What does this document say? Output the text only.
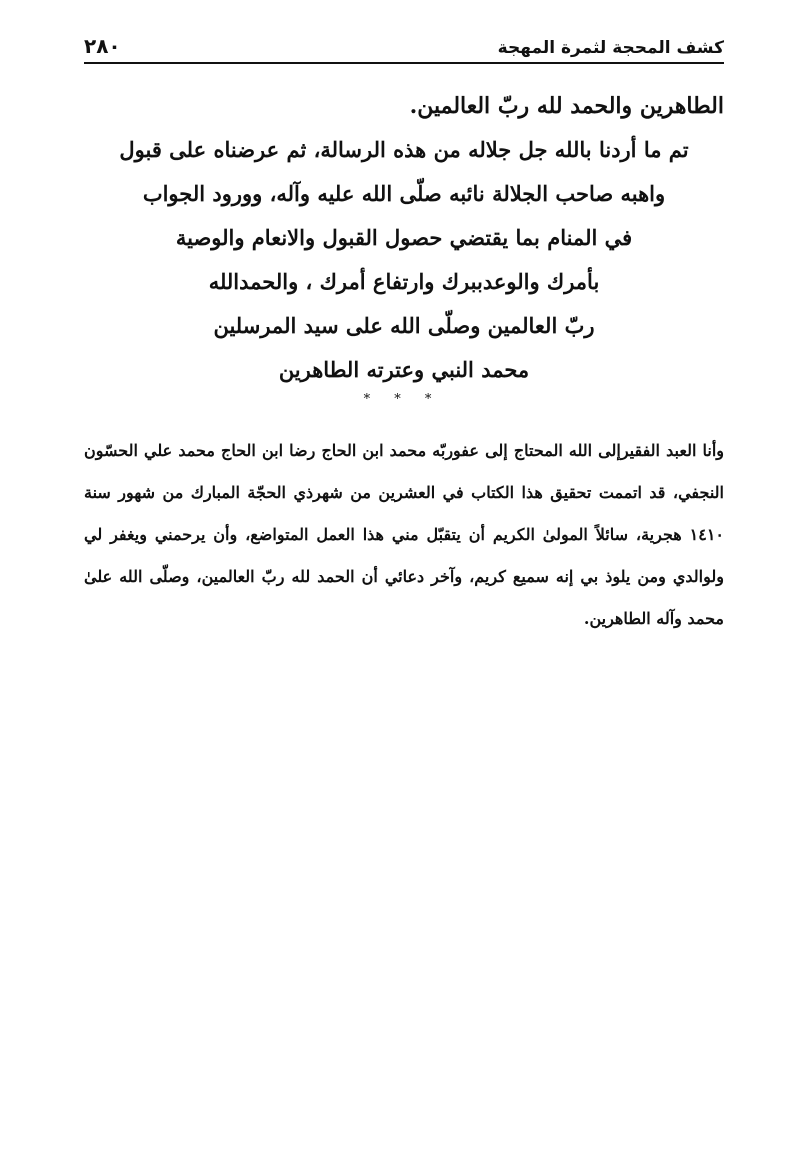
كشف المحجة لثمرة المهجة
٢٨٠
الطاهرين والحمد لله ربّ العالمين.
تم ما أردنا بالله جل جلاله من هذه الرسالة، ثم عرضناه على قبول
واهبه صاحب الجلالة نائبه صلّى الله عليه وآله، وورود الجواب
في المنام بما يقتضي حصول القبول والانعام والوصية
بأمرك والوعدببرك وارتفاع أمرك ، والحمدالله
ربّ العالمين وصلّى الله على سيد المرسلين
محمد النبي وعترته الطاهرين
* * *
وأنا العبد الفقيرإلى الله المحتاج إلى عفوربّه محمد ابن الحاج رضا ابن الحاج محمد علي الحسّون النجفي، قد اتممت تحقيق هذا الكتاب في العشرين من شهرذي الحجّة المبارك من شهور سنة ١٤١٠ هجرية، سائلاً المولىٰ الكريم أن يتقبّل مني هذا العمل المتواضع، وأن يرحمني ويغفر لي ولوالدي ومن يلوذ بي إنه سميع كريم، وآخر دعائي أن الحمد لله ربّ العالمين، وصلّى الله علىٰ محمد وآله الطاهرين.
